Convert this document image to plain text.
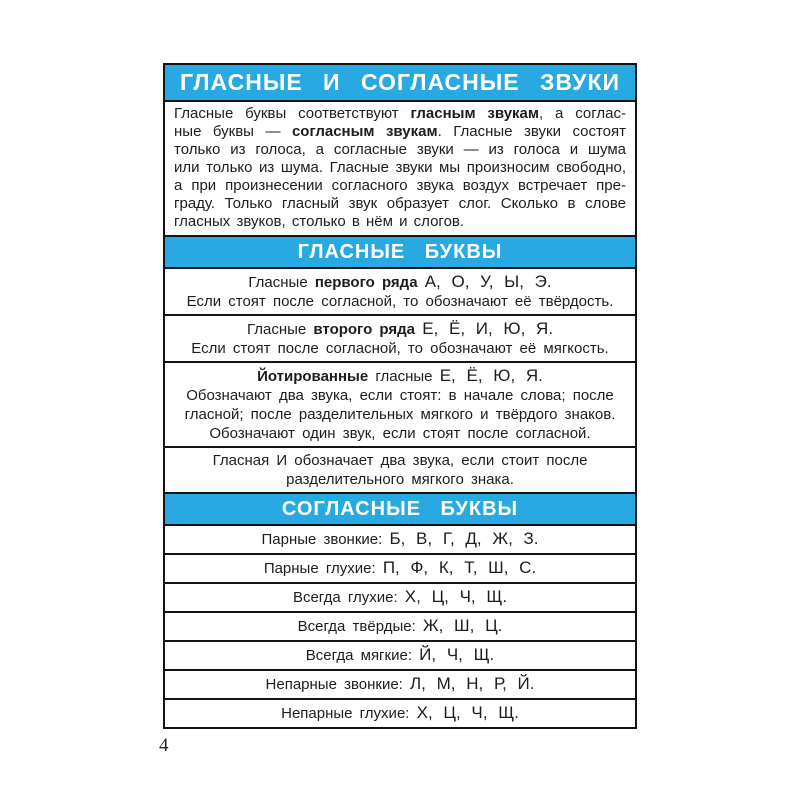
ГЛАСНЫЕ И СОГЛАСНЫЕ ЗВУКИ
Гласные буквы соответствуют гласным звукам, а соглас-
ные буквы — согласным звукам. Гласные звуки состоят
только из голоса, а согласные звуки — из голоса и шума
или только из шума. Гласные звуки мы произносим свободно,
а при произнесении согласного звука воздух встречает пре-
граду. Только гласный звук образует слог. Сколько в слове
гласных звуков, столько в нём и слогов.
ГЛАСНЫЕ БУКВЫ
Гласные первого ряда А, О, У, Ы, Э.
Если стоят после согласной, то обозначают её твёрдость.
Гласные второго ряда Е, Ё, И, Ю, Я.
Если стоят после согласной, то обозначают её мягкость.
Йотированные гласные Е, Ё, Ю, Я.
Обозначают два звука, если стоят: в начале слова; после
гласной; после разделительных мягкого и твёрдого знаков.
Обозначают один звук, если стоят после согласной.
Гласная И обозначает два звука, если стоит после
разделительного мягкого знака.
СОГЛАСНЫЕ БУКВЫ
Парные звонкие: Б, В, Г, Д, Ж, З.
Парные глухие: П, Ф, К, Т, Ш, С.
Всегда глухие: Х, Ц, Ч, Щ.
Всегда твёрдые: Ж, Ш, Ц.
Всегда мягкие: Й, Ч, Щ.
Непарные звонкие: Л, М, Н, Р, Й.
Непарные глухие: Х, Ц, Ч, Щ.
4
